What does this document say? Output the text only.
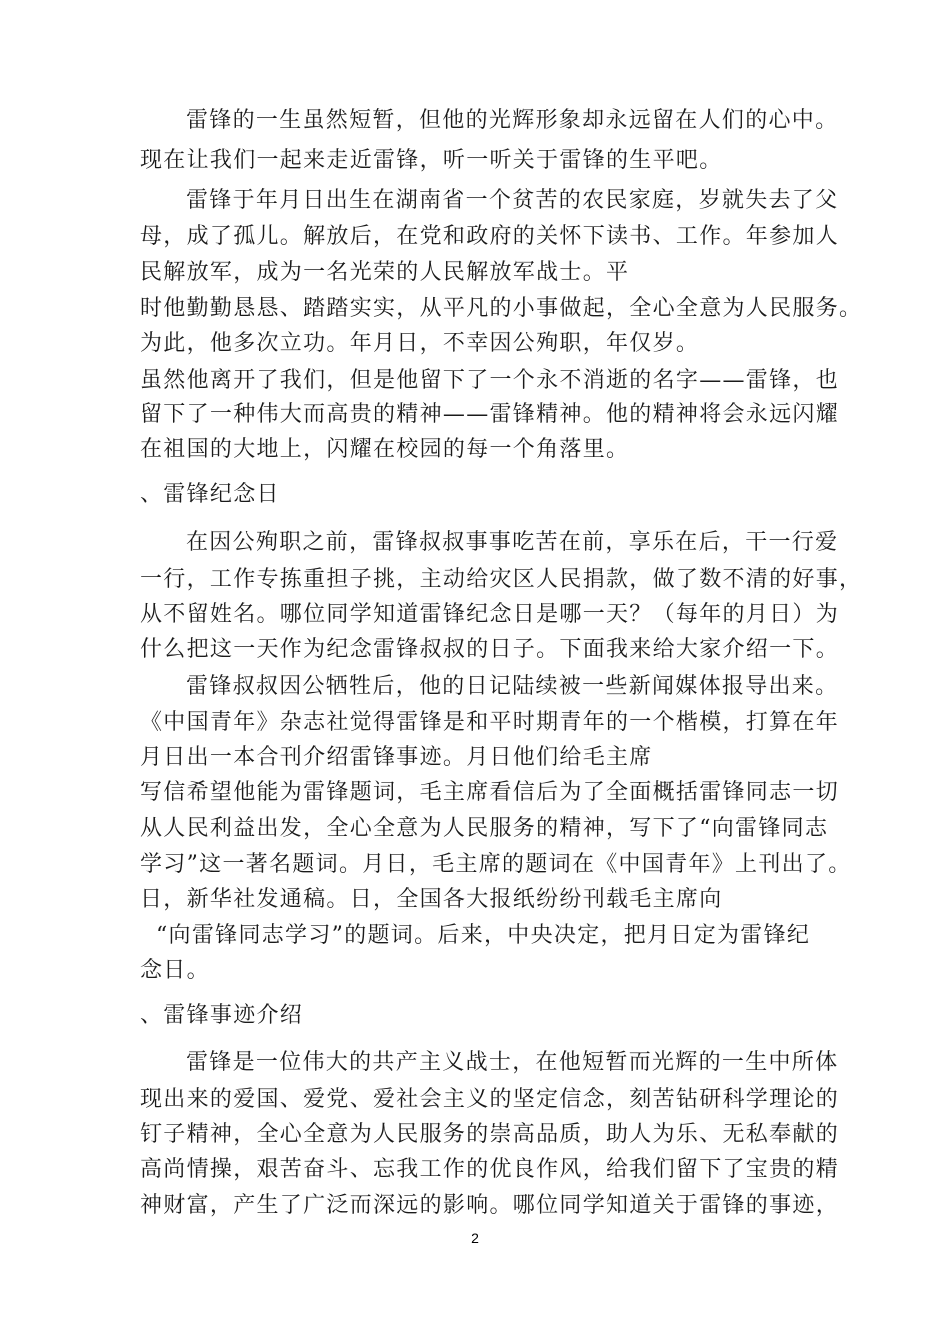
雷锋的一生虽然短暂，但他的光辉形象却永远留在人们的心中。
现在让我们一起来走近雷锋，听一听关于雷锋的生平吧。
雷锋于年月日出生在湖南省一个贫苦的农民家庭，岁就失去了父
母，成了孤儿。解放后，在党和政府的关怀下读书、工作。年参加人
民解放军，成为一名光荣的人民解放军战士。平
时他勤勤恳恳、踏踏实实，从平凡的小事做起，全心全意为人民服务。
为此，他多次立功。年月日，不幸因公殉职，年仅岁。
虽然他离开了我们，但是他留下了一个永不消逝的名字——雷锋，也
留下了一种伟大而高贵的精神——雷锋精神。他的精神将会永远闪耀
在祖国的大地上，闪耀在校园的每一个角落里。
、雷锋纪念日
在因公殉职之前，雷锋叔叔事事吃苦在前，享乐在后，干一行爱
一行，工作专拣重担子挑，主动给灾区人民捐款，做了数不清的好事，
从不留姓名。哪位同学知道雷锋纪念日是哪一天？（每年的月日）为
什么把这一天作为纪念雷锋叔叔的日子。下面我来给大家介绍一下。
雷锋叔叔因公牺牲后，他的日记陆续被一些新闻媒体报导出来。
《中国青年》杂志社觉得雷锋是和平时期青年的一个楷模，打算在年
月日出一本合刊介绍雷锋事迹。月日他们给毛主席
写信希望他能为雷锋题词，毛主席看信后为了全面概括雷锋同志一切
从人民利益出发，全心全意为人民服务的精神，写下了“向雷锋同志
学习”这一著名题词。月日，毛主席的题词在《中国青年》上刊出了。
日，新华社发通稿。日，全国各大报纸纷纷刊载毛主席向
“向雷锋同志学习”的题词。后来，中央决定，把月日定为雷锋纪
念日。
、雷锋事迹介绍
雷锋是一位伟大的共产主义战士，在他短暂而光辉的一生中所体
现出来的爱国、爱党、爱社会主义的坚定信念，刻苦钻研科学理论的
钉子精神，全心全意为人民服务的崇高品质，助人为乐、无私奉献的
高尚情操，艰苦奋斗、忘我工作的优良作风，给我们留下了宝贵的精
神财富，产生了广泛而深远的影响。哪位同学知道关于雷锋的事迹，
2
